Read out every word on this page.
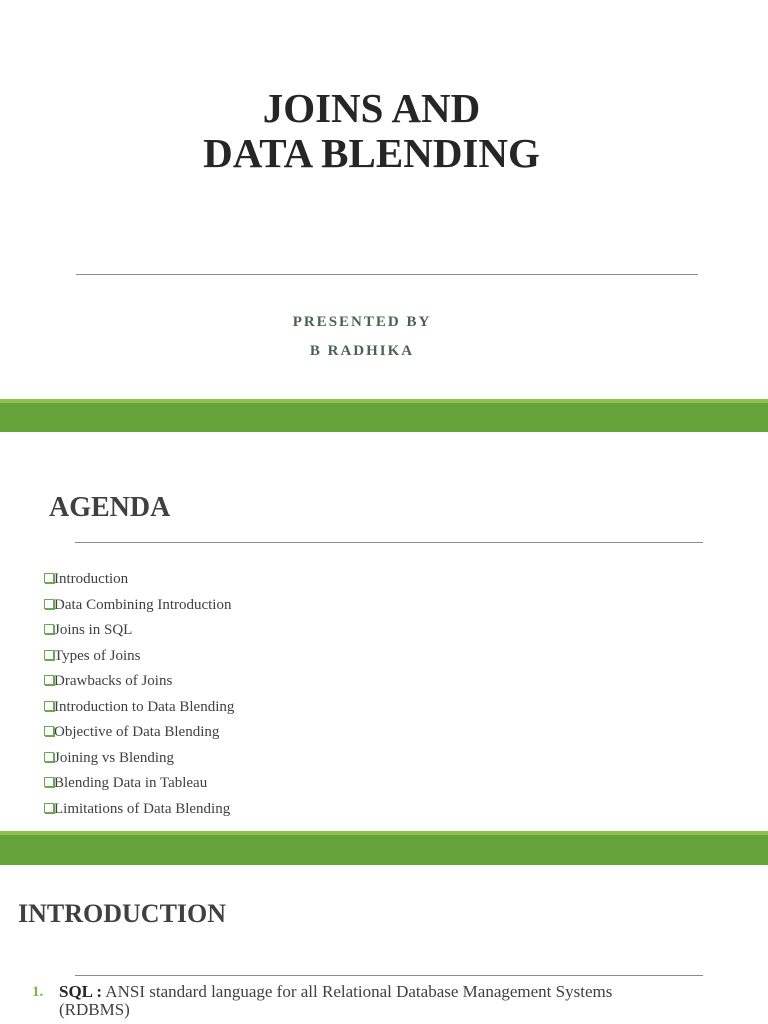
JOINS AND
DATA BLENDING
PRESENTED BY
B RADHIKA
AGENDA
Introduction
Data Combining Introduction
Joins in SQL
Types of Joins
Drawbacks of Joins
Introduction to Data Blending
Objective of Data Blending
Joining vs Blending
Blending Data in Tableau
Limitations of Data Blending
INTRODUCTION
1. SQL : ANSI standard language for all Relational Database Management Systems (RDBMS)
